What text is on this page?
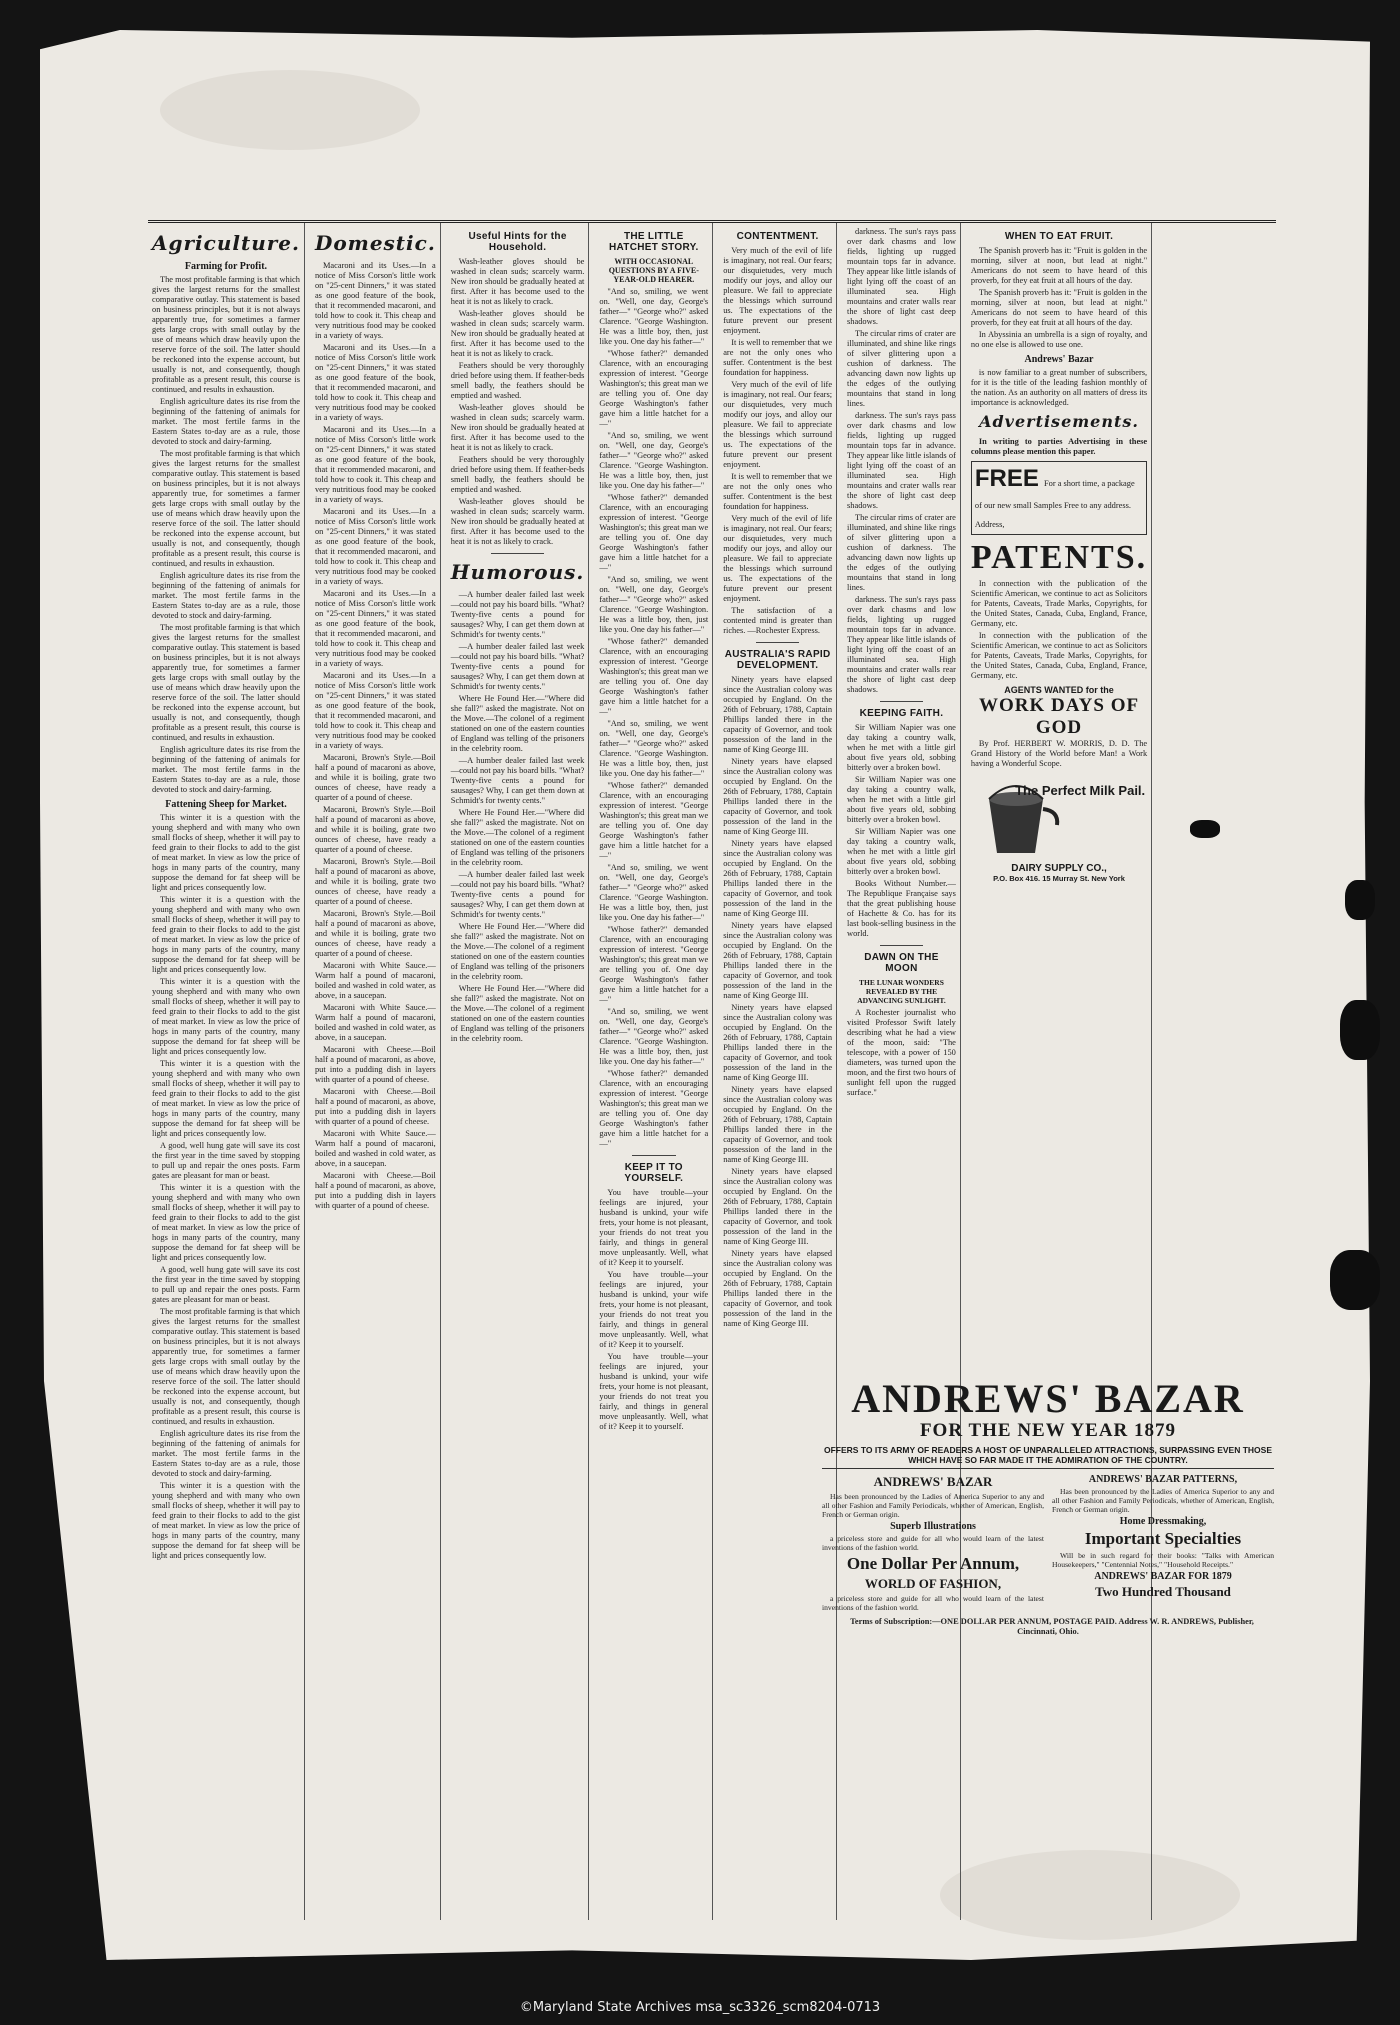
Agriculture.
Farming for Profit.

The most profitable farming is that which gives the largest returns for the smallest comparative outlay. This statement is based on business principles, but it is not always apparently true, for sometimes a farmer gets large crops with small outlay by the use of means which draw heavily upon the reserve force of the soil. The latter should be reckoned into the expense account, but usually is not, and consequently, though profitable as a present result, this course is continued, and results in exhaustion.

English agriculture dates its rise from the beginning of the fattening of animals for market. The most fertile farms in the Eastern States to-day are as a rule, those devoted to stock and dairy-farming.

The most profitable farming is that which gives the largest returns for the smallest comparative outlay. This statement is based on business principles, but it is not always apparently true, for sometimes a farmer gets large crops with small outlay by the use of means which draw heavily upon the reserve force of the soil. The latter should be reckoned into the expense account, but usually is not, and consequently, though profitable as a present result, this course is continued, and results in exhaustion.

English agriculture dates its rise from the beginning of the fattening of animals for market. The most fertile farms in the Eastern States to-day are as a rule, those devoted to stock and dairy-farming.

The most profitable farming is that which gives the largest returns for the smallest comparative outlay. This statement is based on business principles, but it is not always apparently true, for sometimes a farmer gets large crops with small outlay by the use of means which draw heavily upon the reserve force of the soil. The latter should be reckoned into the expense account, but usually is not, and consequently, though profitable as a present result, this course is continued, and results in exhaustion.

English agriculture dates its rise from the beginning of the fattening of animals for market. The most fertile farms in the Eastern States to-day are as a rule, those devoted to stock and dairy-farming.

Fattening Sheep for Market.

This winter it is a question with the young shepherd and with many who own small flocks of sheep, whether it will pay to feed grain to their flocks to add to the gist of meat market. In view as low the price of hogs in many parts of the country, many suppose the demand for fat sheep will be light and prices consequently low.

This winter it is a question with the young shepherd and with many who own small flocks of sheep, whether it will pay to feed grain to their flocks to add to the gist of meat market. In view as low the price of hogs in many parts of the country, many suppose the demand for fat sheep will be light and prices consequently low.

This winter it is a question with the young shepherd and with many who own small flocks of sheep, whether it will pay to feed grain to their flocks to add to the gist of meat market. In view as low the price of hogs in many parts of the country, many suppose the demand for fat sheep will be light and prices consequently low.

This winter it is a question with the young shepherd and with many who own small flocks of sheep, whether it will pay to feed grain to their flocks to add to the gist of meat market. In view as low the price of hogs in many parts of the country, many suppose the demand for fat sheep will be light and prices consequently low.

A good, well hung gate will save its cost the first year in the time saved by stopping to pull up and repair the ones posts. Farm gates are pleasant for man or beast.

This winter it is a question with the young shepherd and with many who own small flocks of sheep, whether it will pay to feed grain to their flocks to add to the gist of meat market. In view as low the price of hogs in many parts of the country, many suppose the demand for fat sheep will be light and prices consequently low.

A good, well hung gate will save its cost the first year in the time saved by stopping to pull up and repair the ones posts. Farm gates are pleasant for man or beast.

The most profitable farming is that which gives the largest returns for the smallest comparative outlay. This statement is based on business principles, but it is not always apparently true, for sometimes a farmer gets large crops with small outlay by the use of means which draw heavily upon the reserve force of the soil. The latter should be reckoned into the expense account, but usually is not, and consequently, though profitable as a present result, this course is continued, and results in exhaustion.

English agriculture dates its rise from the beginning of the fattening of animals for market. The most fertile farms in the Eastern States to-day are as a rule, those devoted to stock and dairy-farming.

This winter it is a question with the young shepherd and with many who own small flocks of sheep, whether it will pay to feed grain to their flocks to add to the gist of meat market. In view as low the price of hogs in many parts of the country, many suppose the demand for fat sheep will be light and prices consequently low.

Domestic.

Macaroni and its Uses.—In a notice of Miss Corson's little work on "25-cent Dinners," it was stated as one good feature of the book, that it recommended macaroni, and told how to cook it. This cheap and very nutritious food may be cooked in a variety of ways.

Macaroni and its Uses.—In a notice of Miss Corson's little work on "25-cent Dinners," it was stated as one good feature of the book, that it recommended macaroni, and told how to cook it. This cheap and very nutritious food may be cooked in a variety of ways.

Macaroni and its Uses.—In a notice of Miss Corson's little work on "25-cent Dinners," it was stated as one good feature of the book, that it recommended macaroni, and told how to cook it. This cheap and very nutritious food may be cooked in a variety of ways.

Macaroni and its Uses.—In a notice of Miss Corson's little work on "25-cent Dinners," it was stated as one good feature of the book, that it recommended macaroni, and told how to cook it. This cheap and very nutritious food may be cooked in a variety of ways.

Macaroni and its Uses.—In a notice of Miss Corson's little work on "25-cent Dinners," it was stated as one good feature of the book, that it recommended macaroni, and told how to cook it. This cheap and very nutritious food may be cooked in a variety of ways.

Macaroni and its Uses.—In a notice of Miss Corson's little work on "25-cent Dinners," it was stated as one good feature of the book, that it recommended macaroni, and told how to cook it. This cheap and very nutritious food may be cooked in a variety of ways.

Macaroni, Brown's Style.—Boil half a pound of macaroni as above, and while it is boiling, grate two ounces of cheese, have ready a quarter of a pound of cheese.

Macaroni, Brown's Style.—Boil half a pound of macaroni as above, and while it is boiling, grate two ounces of cheese, have ready a quarter of a pound of cheese.

Macaroni, Brown's Style.—Boil half a pound of macaroni as above, and while it is boiling, grate two ounces of cheese, have ready a quarter of a pound of cheese.

Macaroni, Brown's Style.—Boil half a pound of macaroni as above, and while it is boiling, grate two ounces of cheese, have ready a quarter of a pound of cheese.

Macaroni with White Sauce.—Warm half a pound of macaroni, boiled and washed in cold water, as above, in a saucepan.

Macaroni with White Sauce.—Warm half a pound of macaroni, boiled and washed in cold water, as above, in a saucepan.

Macaroni with Cheese.—Boil half a pound of macaroni, as above, put into a pudding dish in layers with quarter of a pound of cheese.

Macaroni with Cheese.—Boil half a pound of macaroni, as above, put into a pudding dish in layers with quarter of a pound of cheese.

Macaroni with White Sauce.—Warm half a pound of macaroni, boiled and washed in cold water, as above, in a saucepan.

Macaroni with Cheese.—Boil half a pound of macaroni, as above, put into a pudding dish in layers with quarter of a pound of cheese.

Useful Hints for the Household.

Wash-leather gloves should be washed in clean suds; scarcely warm. New iron should be gradually heated at first. After it has become used to the heat it is not as likely to crack.

Wash-leather gloves should be washed in clean suds; scarcely warm. New iron should be gradually heated at first. After it has become used to the heat it is not as likely to crack.

Feathers should be very thoroughly dried before using them. If feather-beds smell badly, the feathers should be emptied and washed.

Wash-leather gloves should be washed in clean suds; scarcely warm. New iron should be gradually heated at first. After it has become used to the heat it is not as likely to crack.

Feathers should be very thoroughly dried before using them. If feather-beds smell badly, the feathers should be emptied and washed.

Wash-leather gloves should be washed in clean suds; scarcely warm. New iron should be gradually heated at first. After it has become used to the heat it is not as likely to crack.

Humorous.

—A humber dealer failed last week —could not pay his board bills. "What? Twenty-five cents a pound for sausages? Why, I can get them down at Schmidt's for twenty cents."

—A humber dealer failed last week —could not pay his board bills. "What? Twenty-five cents a pound for sausages? Why, I can get them down at Schmidt's for twenty cents."

Where He Found Her.—"Where did she fall?" asked the magistrate. Not on the Move.—The colonel of a regiment stationed on one of the eastern counties of England was telling of the prisoners in the celebrity room.

—A humber dealer failed last week —could not pay his board bills. "What? Twenty-five cents a pound for sausages? Why, I can get them down at Schmidt's for twenty cents."

Where He Found Her.—"Where did she fall?" asked the magistrate. Not on the Move.—The colonel of a regiment stationed on one of the eastern counties of England was telling of the prisoners in the celebrity room.

—A humber dealer failed last week —could not pay his board bills. "What? Twenty-five cents a pound for sausages? Why, I can get them down at Schmidt's for twenty cents."

Where He Found Her.—"Where did she fall?" asked the magistrate. Not on the Move.—The colonel of a regiment stationed on one of the eastern counties of England was telling of the prisoners in the celebrity room.

Where He Found Her.—"Where did she fall?" asked the magistrate. Not on the Move.—The colonel of a regiment stationed on one of the eastern counties of England was telling of the prisoners in the celebrity room.

THE LITTLE HATCHET STORY.
WITH OCCASIONAL QUESTIONS BY A FIVE-YEAR-OLD HEARER.

"And so, smiling, we went on. "Well, one day, George's father—" "George who?" asked Clarence. "George Washington. He was a little boy, then, just like you. One day his father—"

"Whose father?" demanded Clarence, with an encouraging expression of interest. "George Washington's; this great man we are telling you of. One day George Washington's father gave him a little hatchet for a—"

"And so, smiling, we went on. "Well, one day, George's father—" "George who?" asked Clarence. "George Washington. He was a little boy, then, just like you. One day his father—"

"Whose father?" demanded Clarence, with an encouraging expression of interest. "George Washington's; this great man we are telling you of. One day George Washington's father gave him a little hatchet for a—"

"And so, smiling, we went on. "Well, one day, George's father—" "George who?" asked Clarence. "George Washington. He was a little boy, then, just like you. One day his father—"

"Whose father?" demanded Clarence, with an encouraging expression of interest. "George Washington's; this great man we are telling you of. One day George Washington's father gave him a little hatchet for a—"

"And so, smiling, we went on. "Well, one day, George's father—" "George who?" asked Clarence. "George Washington. He was a little boy, then, just like you. One day his father—"

"Whose father?" demanded Clarence, with an encouraging expression of interest. "George Washington's; this great man we are telling you of. One day George Washington's father gave him a little hatchet for a—"

"And so, smiling, we went on. "Well, one day, George's father—" "George who?" asked Clarence. "George Washington. He was a little boy, then, just like you. One day his father—"

"Whose father?" demanded Clarence, with an encouraging expression of interest. "George Washington's; this great man we are telling you of. One day George Washington's father gave him a little hatchet for a—"

"And so, smiling, we went on. "Well, one day, George's father—" "George who?" asked Clarence. "George Washington. He was a little boy, then, just like you. One day his father—"

"Whose father?" demanded Clarence, with an encouraging expression of interest. "George Washington's; this great man we are telling you of. One day George Washington's father gave him a little hatchet for a—"

KEEP IT TO YOURSELF.

You have trouble—your feelings are injured, your husband is unkind, your wife frets, your home is not pleasant, your friends do not treat you fairly, and things in general move unpleasantly. Well, what of it? Keep it to yourself.

You have trouble—your feelings are injured, your husband is unkind, your wife frets, your home is not pleasant, your friends do not treat you fairly, and things in general move unpleasantly. Well, what of it? Keep it to yourself.

You have trouble—your feelings are injured, your husband is unkind, your wife frets, your home is not pleasant, your friends do not treat you fairly, and things in general move unpleasantly. Well, what of it? Keep it to yourself.

CONTENTMENT.

Very much of the evil of life is imaginary, not real. Our fears; our disquietudes, very much modify our joys, and alloy our pleasure. We fail to appreciate the blessings which surround us. The expectations of the future prevent our present enjoyment.

It is well to remember that we are not the only ones who suffer. Contentment is the best foundation for happiness.

Very much of the evil of life is imaginary, not real. Our fears; our disquietudes, very much modify our joys, and alloy our pleasure. We fail to appreciate the blessings which surround us. The expectations of the future prevent our present enjoyment.

It is well to remember that we are not the only ones who suffer. Contentment is the best foundation for happiness.

Very much of the evil of life is imaginary, not real. Our fears; our disquietudes, very much modify our joys, and alloy our pleasure. We fail to appreciate the blessings which surround us. The expectations of the future prevent our present enjoyment.

The satisfaction of a contented mind is greater than riches. —Rochester Express.

AUSTRALIA'S RAPID DEVELOPMENT.

Ninety years have elapsed since the Australian colony was occupied by England. On the 26th of February, 1788, Captain Phillips landed there in the capacity of Governor, and took possession of the land in the name of King George III.

Ninety years have elapsed since the Australian colony was occupied by England. On the 26th of February, 1788, Captain Phillips landed there in the capacity of Governor, and took possession of the land in the name of King George III.

Ninety years have elapsed since the Australian colony was occupied by England. On the 26th of February, 1788, Captain Phillips landed there in the capacity of Governor, and took possession of the land in the name of King George III.

Ninety years have elapsed since the Australian colony was occupied by England. On the 26th of February, 1788, Captain Phillips landed there in the capacity of Governor, and took possession of the land in the name of King George III.

Ninety years have elapsed since the Australian colony was occupied by England. On the 26th of February, 1788, Captain Phillips landed there in the capacity of Governor, and took possession of the land in the name of King George III.

Ninety years have elapsed since the Australian colony was occupied by England. On the 26th of February, 1788, Captain Phillips landed there in the capacity of Governor, and took possession of the land in the name of King George III.

Ninety years have elapsed since the Australian colony was occupied by England. On the 26th of February, 1788, Captain Phillips landed there in the capacity of Governor, and took possession of the land in the name of King George III.

Ninety years have elapsed since the Australian colony was occupied by England. On the 26th of February, 1788, Captain Phillips landed there in the capacity of Governor, and took possession of the land in the name of King George III.

darkness. The sun's rays pass over dark chasms and low fields, lighting up rugged mountain tops far in advance. They appear like little islands of light lying off the coast of an illuminated sea. High mountains and crater walls rear the shore of light cast deep shadows.

The circular rims of crater are illuminated, and shine like rings of silver glittering upon a cushion of darkness. The advancing dawn now lights up the edges of the outlying mountains that stand in long lines.

darkness. The sun's rays pass over dark chasms and low fields, lighting up rugged mountain tops far in advance. They appear like little islands of light lying off the coast of an illuminated sea. High mountains and crater walls rear the shore of light cast deep shadows.

The circular rims of crater are illuminated, and shine like rings of silver glittering upon a cushion of darkness. The advancing dawn now lights up the edges of the outlying mountains that stand in long lines.

darkness. The sun's rays pass over dark chasms and low fields, lighting up rugged mountain tops far in advance. They appear like little islands of light lying off the coast of an illuminated sea. High mountains and crater walls rear the shore of light cast deep shadows.

KEEPING FAITH.

Sir William Napier was one day taking a country walk, when he met with a little girl about five years old, sobbing bitterly over a broken bowl.

Sir William Napier was one day taking a country walk, when he met with a little girl about five years old, sobbing bitterly over a broken bowl.

Sir William Napier was one day taking a country walk, when he met with a little girl about five years old, sobbing bitterly over a broken bowl.

Books Without Number.—The Republique Française says that the great publishing house of Hachette & Co. has for its last book-selling business in the world.

DAWN ON THE MOON
THE LUNAR WONDERS REVEALED BY THE ADVANCING SUNLIGHT.

A Rochester journalist who visited Professor Swift lately describing what he had a view of the moon, said: "The telescope, with a power of 150 diameters, was turned upon the moon, and the first two hours of sunlight fell upon the rugged surface."

WHEN TO EAT FRUIT.

The Spanish proverb has it: "Fruit is golden in the morning, silver at noon, but lead at night." Americans do not seem to have heard of this proverb, for they eat fruit at all hours of the day.

The Spanish proverb has it: "Fruit is golden in the morning, silver at noon, but lead at night." Americans do not seem to have heard of this proverb, for they eat fruit at all hours of the day.

In Abyssinia an umbrella is a sign of royalty, and no one else is allowed to use one.

Andrews' Bazar

is now familiar to a great number of subscribers, for it is the title of the leading fashion monthly of the nation. As an authority on all matters of dress its importance is acknowledged.

Advertisements.

In writing to parties Advertising in these columns please mention this paper.

FREE For a short time, a package of our new small Samples Free to any address. Address,
PATENTS.

In connection with the publication of the Scientific American, we continue to act as Solicitors for Patents, Caveats, Trade Marks, Copyrights, for the United States, Canada, Cuba, England, France, Germany, etc.

In connection with the publication of the Scientific American, we continue to act as Solicitors for Patents, Caveats, Trade Marks, Copyrights, for the United States, Canada, Cuba, England, France, Germany, etc.

AGENTS WANTED for the
WORK DAYS OF GOD

By Prof. HERBERT W. MORRIS, D. D. The Grand History of the World before Man! a Work having a Wonderful Scope.

The Perfect Milk Pail.
DAIRY SUPPLY CO.,
P.O. Box 416. 15 Murray St. New York
ANDREWS' BAZAR
FOR THE NEW YEAR 1879
OFFERS TO ITS ARMY OF READERS A HOST OF UNPARALLELED ATTRACTIONS, SURPASSING EVEN THOSE WHICH HAVE SO FAR MADE IT THE ADMIRATION OF THE COUNTRY.
ANDREWS' BAZAR

Has been pronounced by the Ladies of America Superior to any and all other Fashion and Family Periodicals, whether of American, English, French or German origin.

Superb Illustrations

a priceless store and guide for all who would learn of the latest inventions of the fashion world.

One Dollar Per Annum,
WORLD OF FASHION,

a priceless store and guide for all who would learn of the latest inventions of the fashion world.

ANDREWS' BAZAR PATTERNS,

Has been pronounced by the Ladies of America Superior to any and all other Fashion and Family Periodicals, whether of American, English, French or German origin.

Home Dressmaking,
Important Specialties

Will be in such regard for their books: "Talks with American Housekeepers," "Centennial Notes," "Household Receipts."

ANDREWS' BAZAR FOR 1879
Two Hundred Thousand

Terms of Subscription:—ONE DOLLAR PER ANNUM, POSTAGE PAID. Address W. R. ANDREWS, Publisher, Cincinnati, Ohio.

©Maryland State Archives msa_sc3326_scm8204-0713
